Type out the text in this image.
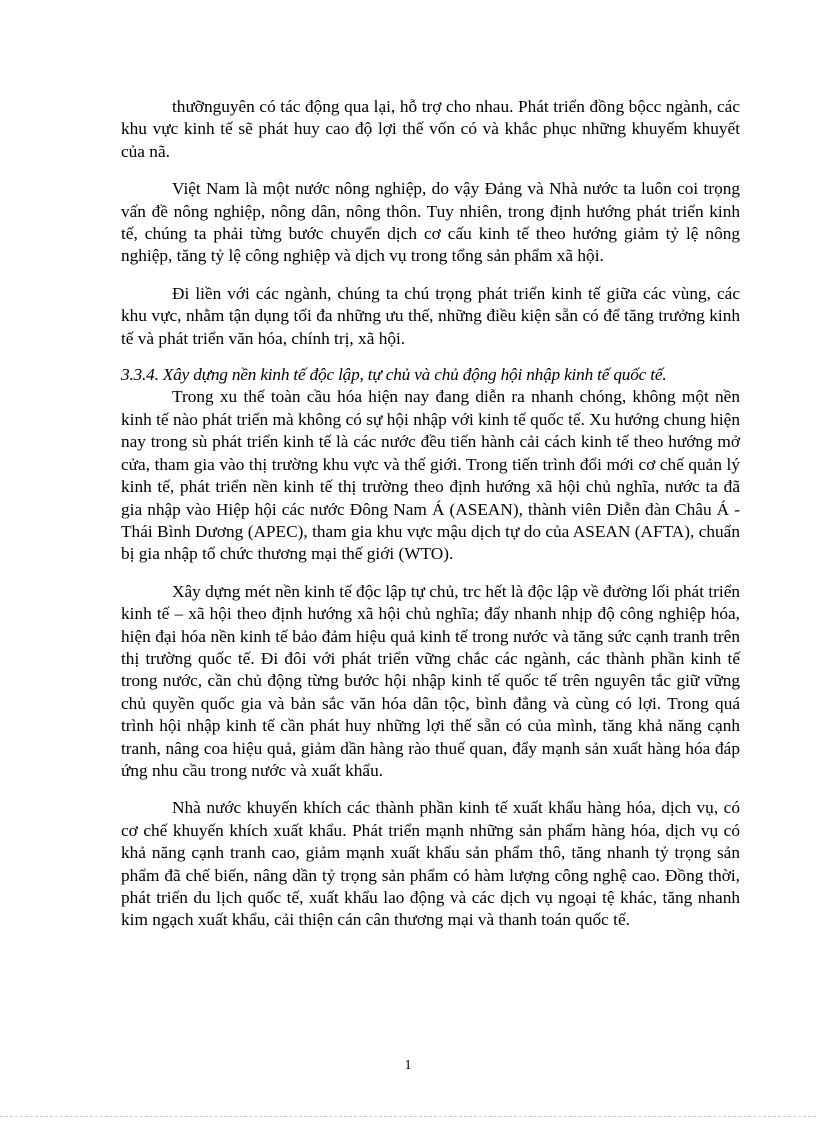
thưỡnguyên có tác động qua lại, hỗ trợ cho nhau. Phát triển đồng bộcc ngành, các khu vực kinh tế sẽ phát huy cao độ lợi thế vốn có và khắc phục những khuyếm khuyết của nã.

Việt Nam là một nước nông nghiệp, do vậy Đảng và Nhà nước ta luôn coi trọng vấn đề nông nghiệp, nông dân, nông thôn. Tuy nhiên, trong định hướng phát triển kinh tế, chúng ta phải từng bước chuyển dịch cơ cấu kinh tế theo hướng giảm tỷ lệ nông nghiệp, tăng tỷ lệ công nghiệp và dịch vụ trong tổng sản phẩm xã hội.

Đi liền với các ngành, chúng ta chú trọng phát triển kinh tế giữa các vùng, các khu vực, nhằm tận dụng tối đa những ưu thế, những điều kiện sẵn có để tăng trưởng kinh tế và phát triển văn hóa, chính trị, xã hội.

3.3.4. Xây dựng nền kinh tế độc lập, tự chủ và chủ động hội nhập kinh tế quốc tế.

Trong xu thế toàn cầu hóa hiện nay đang diễn ra nhanh chóng, không một nền kinh tế nào phát triển mà không có sự hội nhập với kinh tế quốc tế. Xu hướng chung hiện nay trong sù phát triển kinh tế là các nước đều tiến hành cải cách kinh tế theo hướng mở cửa, tham gia vào thị trường khu vực và thế giới. Trong tiến trình đổi mới cơ chế quản lý kinh tế, phát triển nền kinh tế thị trường theo định hướng xã hội chủ nghĩa, nước ta đã gia nhập vào Hiệp hội các nước Đông Nam Á (ASEAN), thành viên Diễn đàn Châu Á - Thái Bình Dương (APEC), tham gia khu vực mậu dịch tự do của ASEAN (AFTA), chuẩn bị gia nhập tổ chức thương mại thế giới (WTO).

Xây dựng mét nền kinh tế độc lập tự chủ, trc hết là độc lập về đường lối phát triển kinh tế – xã hội theo định hướng xã hội chủ nghĩa; đẩy nhanh nhịp độ công nghiệp hóa, hiện đại hóa nền kinh tế bảo đảm hiệu quả kinh tế trong nước và tăng sức cạnh tranh trên thị trường quốc tế. Đi đôi với phát triển vững chắc các ngành, các thành phần kinh tế trong nước, cần chủ động từng bước hội nhập kinh tế quốc tế trên nguyên tắc giữ vững chủ quyền quốc gia và bản sắc văn hóa dân tộc, bình đẳng và cùng có lợi. Trong quá trình hội nhập kinh tế cần phát huy những lợi thế sẵn có của mình, tăng khả năng cạnh tranh, nâng coa hiệu quả, giảm dần hàng rào thuế quan, đẩy mạnh sản xuất hàng hóa đáp ứng nhu cầu trong nước và xuất khẩu.

Nhà nước khuyến khích các thành phần kinh tế xuất khẩu hàng hóa, dịch vụ, có cơ chế khuyến khích xuất khẩu. Phát triển mạnh những sản phẩm hàng hóa, dịch vụ có khả năng cạnh tranh cao, giảm mạnh xuất khẩu sản phẩm thô, tăng nhanh tỷ trọng sản phẩm đã chế biến, nâng dần tỷ trọng sản phẩm có hàm lượng công nghệ cao. Đồng thời, phát triển du lịch quốc tế, xuất khẩu lao động và các dịch vụ ngoại tệ khác, tăng nhanh kim ngạch xuất khẩu, cải thiện cán cân thương mại và thanh toán quốc tế.

1
